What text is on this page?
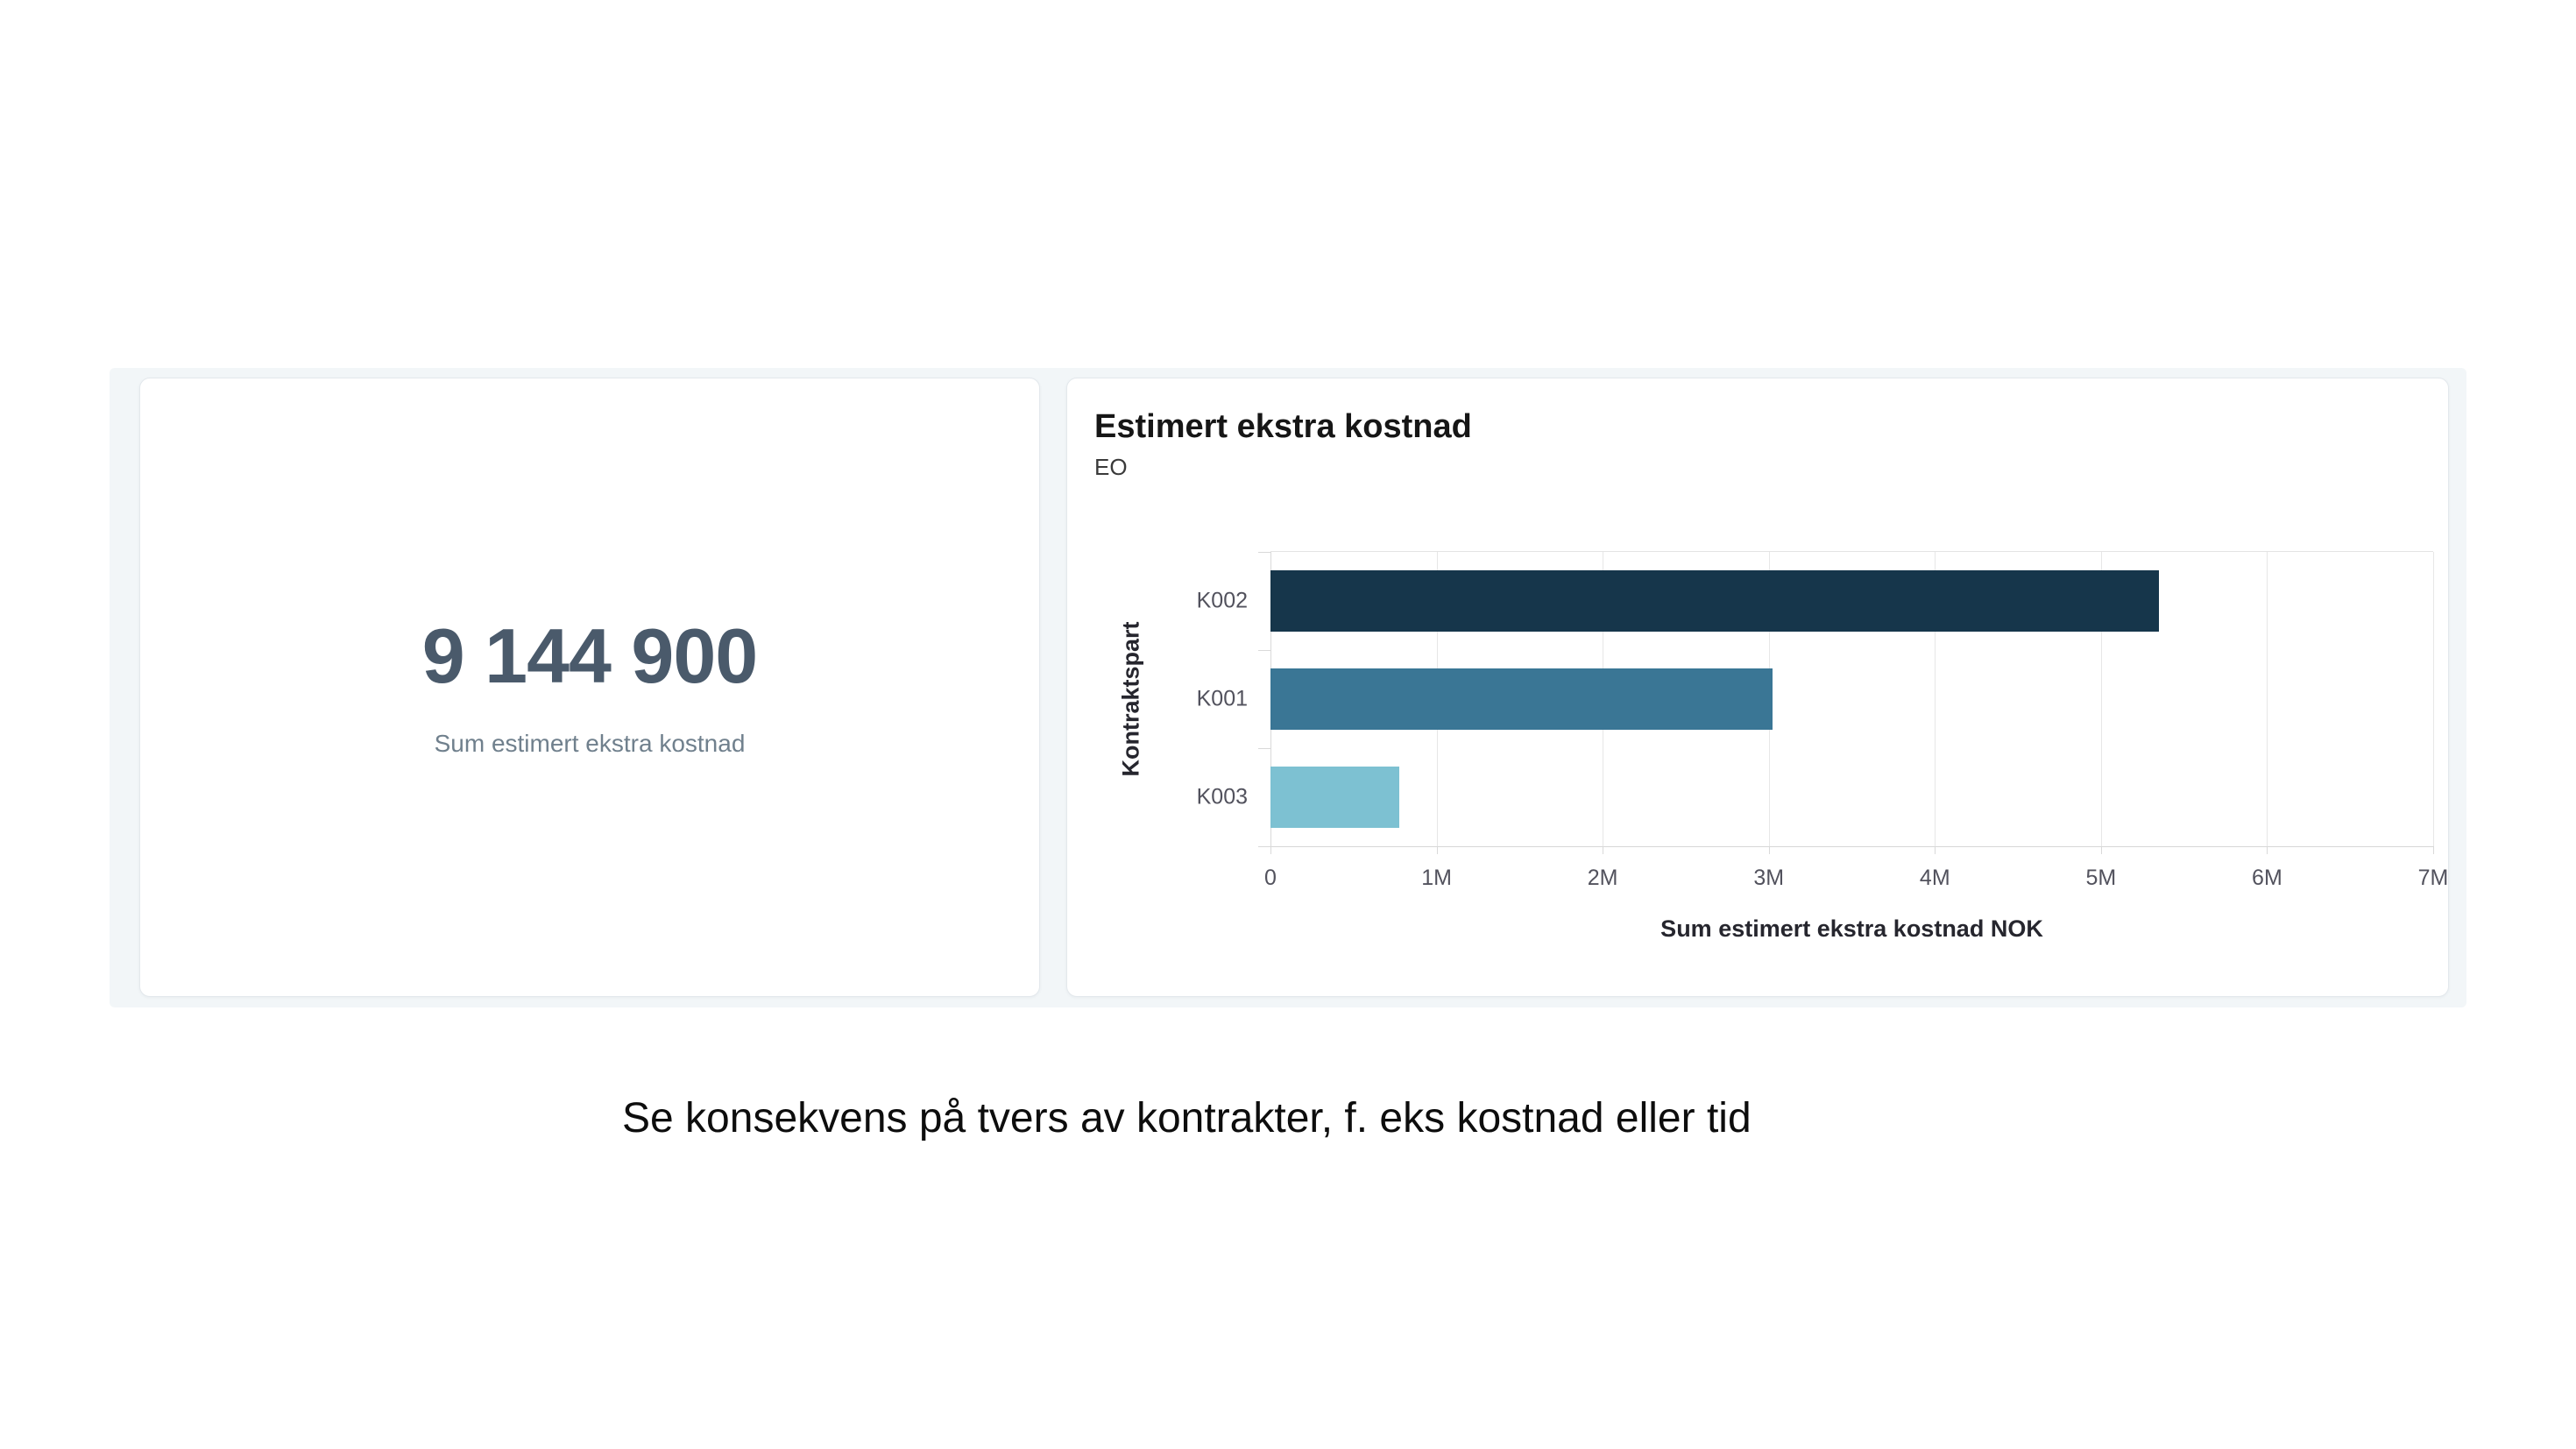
9 144 900
Sum estimert ekstra kostnad
Estimert ekstra kostnad
EO
Kontraktspart
0	1M	2M	3M	4M	5M	6M	7M
K002
K001
K003
Sum estimert ekstra kostnad NOK
Se konsekvens på tvers av kontrakter, f. eks kostnad eller tid
